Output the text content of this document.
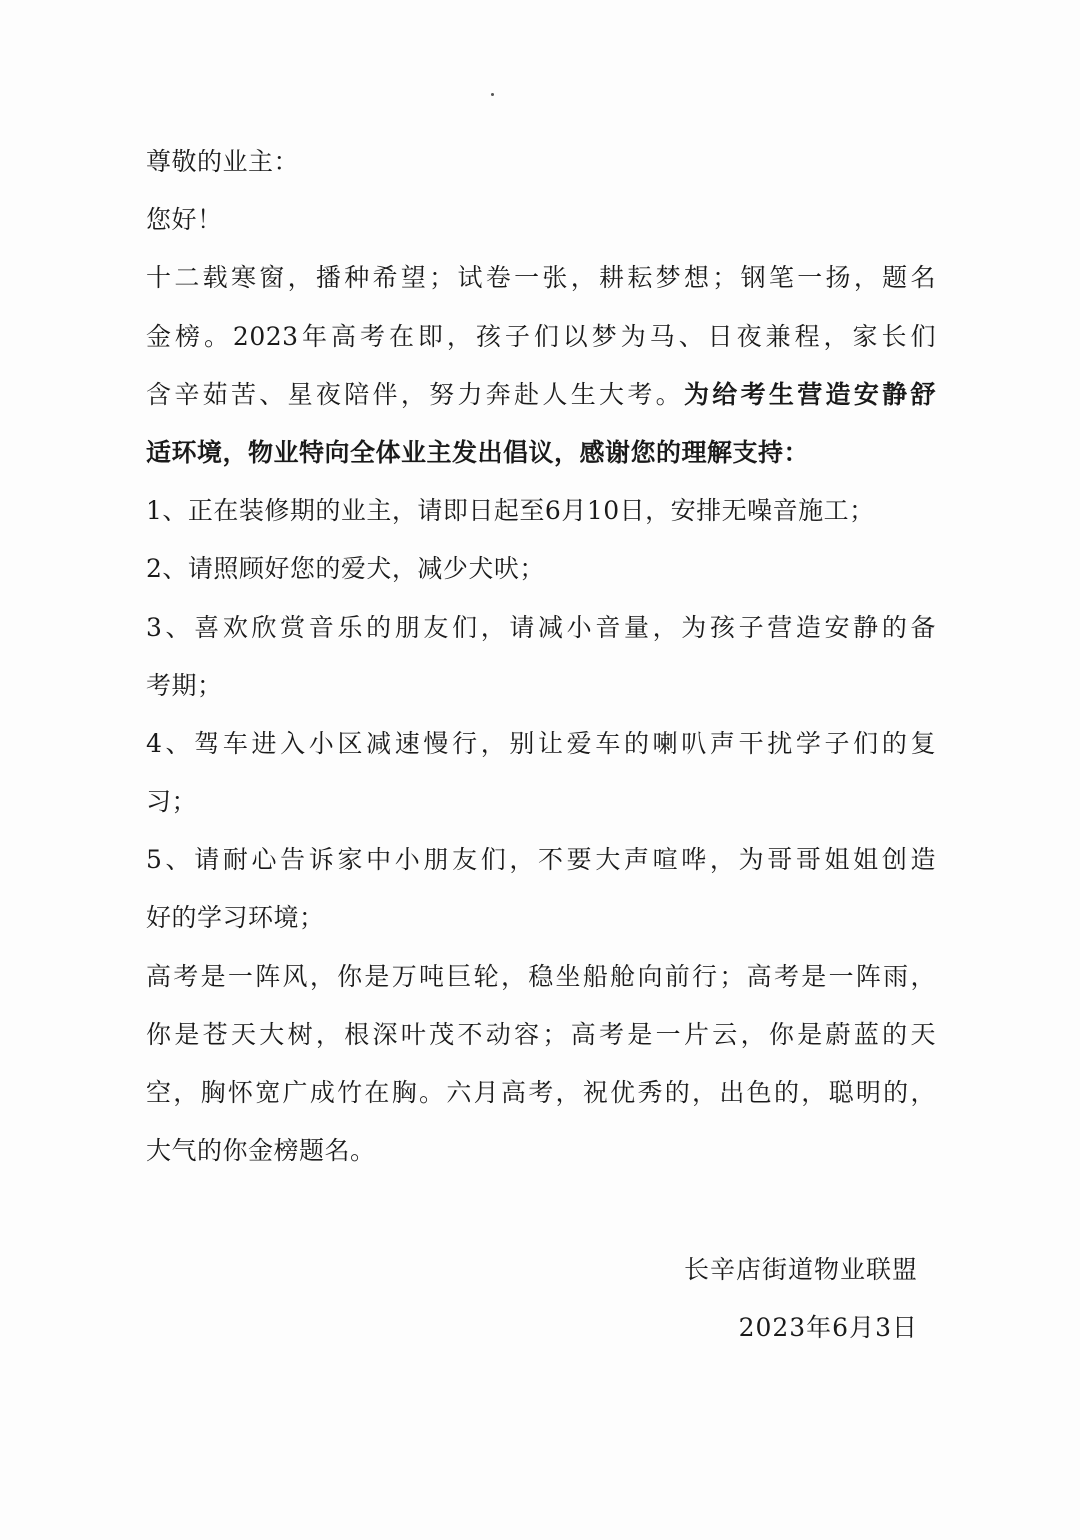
尊敬的业主：
您好！
十二载寒窗，播种希望；试卷一张，耕耘梦想；钢笔一扬，题名
金榜。2023年高考在即，孩子们以梦为马、日夜兼程，家长们
含辛茹苦、星夜陪伴，努力奔赴人生大考。为给考生营造安静舒
适环境，物业特向全体业主发出倡议，感谢您的理解支持：
1、正在装修期的业主，请即日起至6月10日，安排无噪音施工；
2、请照顾好您的爱犬，减少犬吠；
3、喜欢欣赏音乐的朋友们，请减小音量，为孩子营造安静的备
考期；
4、驾车进入小区减速慢行，别让爱车的喇叭声干扰学子们的复
习；
5、请耐心告诉家中小朋友们，不要大声喧哗，为哥哥姐姐创造
好的学习环境；
高考是一阵风，你是万吨巨轮，稳坐船舱向前行；高考是一阵雨，
你是苍天大树，根深叶茂不动容；高考是一片云，你是蔚蓝的天
空，胸怀宽广成竹在胸。六月高考，祝优秀的，出色的，聪明的，
大气的你金榜题名。
长辛店街道物业联盟
2023年6月3日
